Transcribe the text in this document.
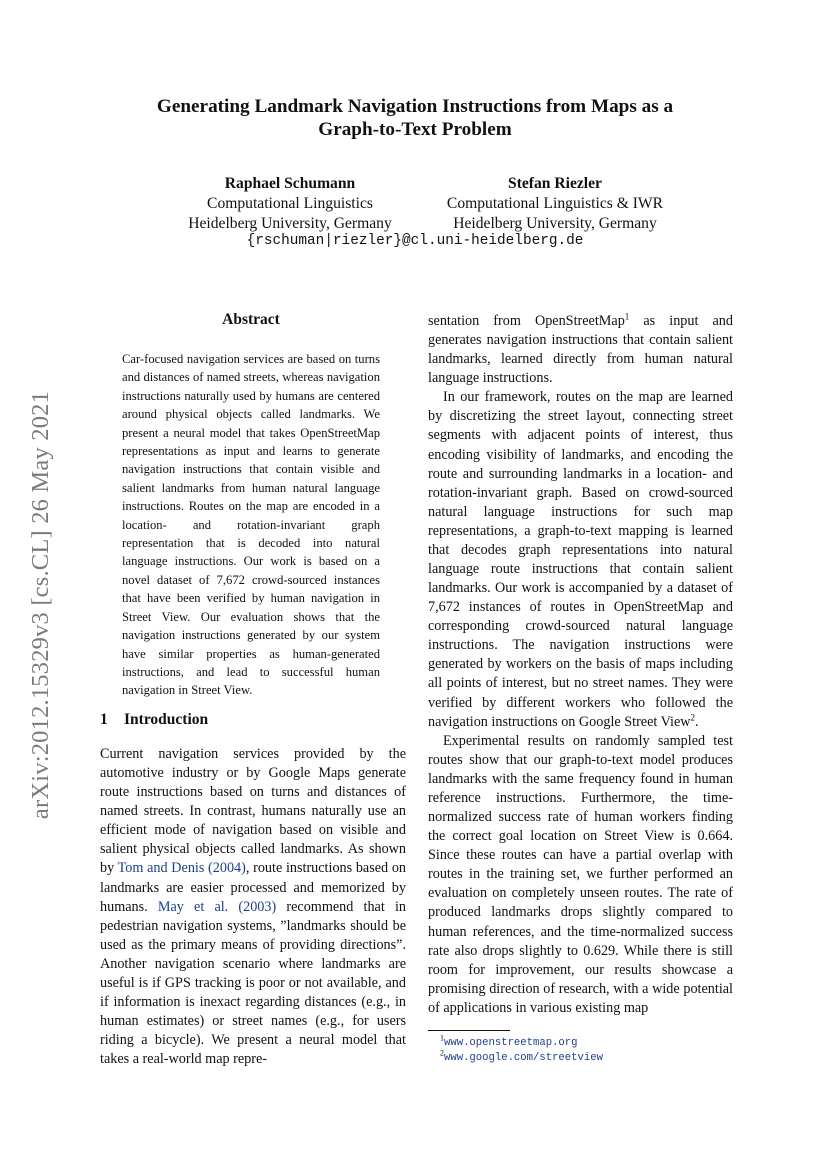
arXiv:2012.15329v3 [cs.CL] 26 May 2021
Generating Landmark Navigation Instructions from Maps as a
Graph-to-Text Problem
Raphael Schumann
Computational Linguistics
Heidelberg University, Germany
Stefan Riezler
Computational Linguistics & IWR
Heidelberg University, Germany
{rschuman|riezler}@cl.uni-heidelberg.de
Abstract
Car-focused navigation services are based on turns and distances of named streets, whereas navigation instructions naturally used by humans are centered around physical objects called landmarks. We present a neural model that takes OpenStreetMap representations as input and learns to generate navigation instructions that contain visible and salient landmarks from human natural language instructions. Routes on the map are encoded in a location- and rotation-invariant graph representation that is decoded into natural language instructions. Our work is based on a novel dataset of 7,672 crowd-sourced instances that have been verified by human navigation in Street View. Our evaluation shows that the navigation instructions generated by our system have similar properties as human-generated instructions, and lead to successful human navigation in Street View.
1 Introduction

Current navigation services provided by the automotive industry or by Google Maps generate route instructions based on turns and distances of named streets. In contrast, humans naturally use an efficient mode of navigation based on visible and salient physical objects called landmarks. As shown by Tom and Denis (2004), route instructions based on landmarks are easier processed and memorized by humans. May et al. (2003) recommend that in pedestrian navigation systems, ”landmarks should be used as the primary means of providing directions”. Another navigation scenario where landmarks are useful is if GPS tracking is poor or not available, and if information is inexact regarding distances (e.g., in human estimates) or street names (e.g., for users riding a bicycle). We present a neural model that takes a real-world map repre-

sentation from OpenStreetMap$^1$ as input and generates navigation instructions that contain salient landmarks, learned directly from human natural language instructions.

In our framework, routes on the map are learned by discretizing the street layout, connecting street segments with adjacent points of interest, thus encoding visibility of landmarks, and encoding the route and surrounding landmarks in a location- and rotation-invariant graph. Based on crowd-sourced natural language instructions for such map representations, a graph-to-text mapping is learned that decodes graph representations into natural language route instructions that contain salient landmarks. Our work is accompanied by a dataset of 7,672 instances of routes in OpenStreetMap and corresponding crowd-sourced natural language instructions. The navigation instructions were generated by workers on the basis of maps including all points of interest, but no street names. They were verified by different workers who followed the navigation instructions on Google Street View$^2$.

Experimental results on randomly sampled test routes show that our graph-to-text model produces landmarks with the same frequency found in human reference instructions. Furthermore, the time-normalized success rate of human workers finding the correct goal location on Street View is 0.664. Since these routes can have a partial overlap with routes in the training set, we further performed an evaluation on completely unseen routes. The rate of produced landmarks drops slightly compared to human references, and the time-normalized success rate also drops slightly to 0.629. While there is still room for improvement, our results showcase a promising direction of research, with a wide potential of applications in various existing map

$^1$www.openstreetmap.org
$^2$www.google.com/streetview
